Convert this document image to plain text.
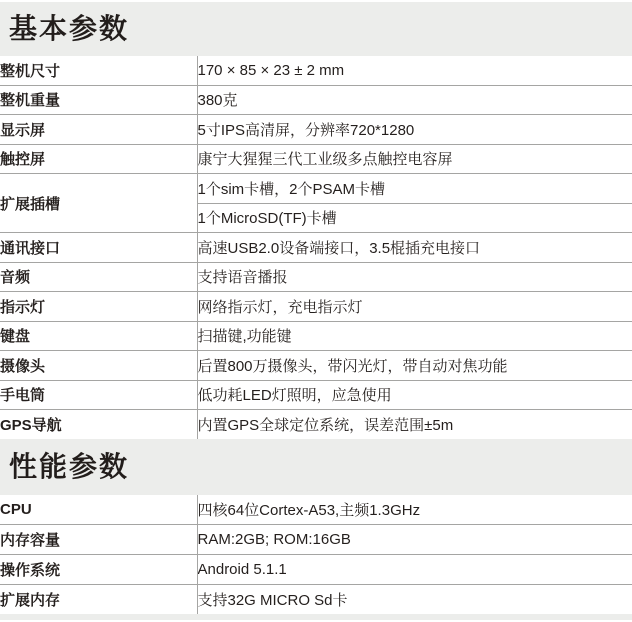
基本参数
整机尺寸	170 × 85 × 23 ± 2 mm
整机重量	380克
显示屏	5寸IPS高清屏，分辨率720*1280
触控屏	康宁大猩猩三代工业级多点触控电容屏
扩展插槽	1个sim卡槽，2个PSAM卡槽
	1个MicroSD(TF)卡槽
通讯接口	高速USB2.0设备端接口，3.5棍插充电接口
音频	支持语音播报
指示灯	网络指示灯，充电指示灯
键盘	扫描键,功能键
摄像头	后置800万摄像头，带闪光灯，带自动对焦功能
手电筒	低功耗LED灯照明，应急使用
GPS导航	内置GPS全球定位系统，误差范围±5m
性能参数
CPU	四核64位Cortex-A53,主频1.3GHz
内存容量	RAM:2GB; ROM:16GB
操作系统	Android 5.1.1
扩展内存	支持32G MICRO Sd卡
